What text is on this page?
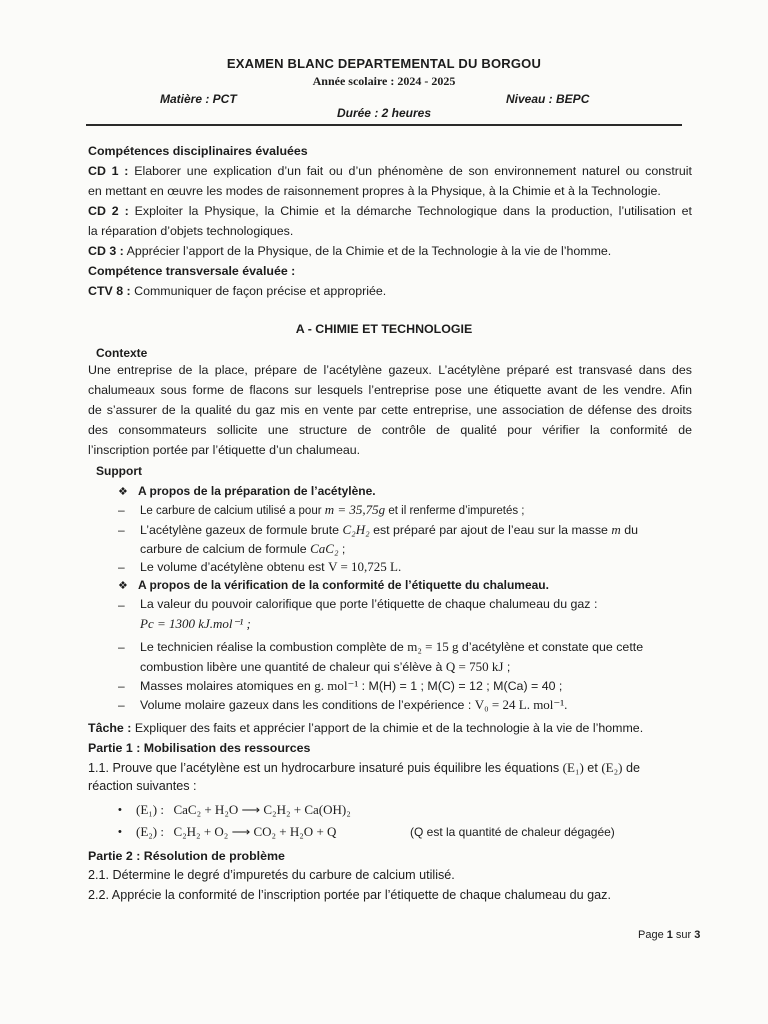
EXAMEN BLANC DEPARTEMENTAL DU BORGOU
Année scolaire : 2024 - 2025
Matière : PCT	Niveau : BEPC
Durée : 2 heures
Compétences disciplinaires évaluées
CD 1 : Elaborer une explication d’un fait ou d’un phénomène de son environnement naturel ou construit
en mettant en œuvre les modes de raisonnement propres à la Physique, à la Chimie et à la Technologie.
CD 2 : Exploiter la Physique, la Chimie et la démarche Technologique dans la production, l’utilisation et
la réparation d’objets technologiques.
CD 3 : Apprécier l’apport de la Physique, de la Chimie et de la Technologie à la vie de l’homme.
Compétence transversale évaluée :
CTV 8 : Communiquer de façon précise et appropriée.
A - CHIMIE ET TECHNOLOGIE
Contexte
Une entreprise de la place, prépare de l’acétylène gazeux. L’acétylène préparé est transvasé dans des
chalumeaux sous forme de flacons sur lesquels l’entreprise pose une étiquette avant de les vendre. Afin
de s’assurer de la qualité du gaz mis en vente par cette entreprise, une association de défense des droits
des consommateurs sollicite une structure de contrôle de qualité pour vérifier la conformité de
l’inscription portée par l’étiquette d’un chalumeau.
Support
❖ A propos de la préparation de l’acétylène.
– Le carbure de calcium utilisé a pour m = 35,75g et il renferme d’impuretés ;
– L’acétylène gazeux de formule brute C₂H₂ est préparé par ajout de l’eau sur la masse m du
carbure de calcium de formule CaC₂ ;
– Le volume d’acétylène obtenu est V = 10,725 L.
❖ A propos de la vérification de la conformité de l’étiquette du chalumeau.
– La valeur du pouvoir calorifique que porte l’étiquette de chaque chalumeau du gaz :
Pc = 1300 kJ.mol⁻¹ ;
– Le technicien réalise la combustion complète de m₂ = 15 g d’acétylène et constate que cette
combustion libère une quantité de chaleur qui s’élève à Q = 750 kJ ;
– Masses molaires atomiques en g. mol⁻¹ : M(H) = 1 ; M(C) = 12 ; M(Ca) = 40 ;
– Volume molaire gazeux dans les conditions de l’expérience : V₀ = 24 L. mol⁻¹.
Tâche : Expliquer des faits et apprécier l’apport de la chimie et de la technologie à la vie de l’homme.
Partie 1 : Mobilisation des ressources
1.1. Prouve que l’acétylène est un hydrocarbure insaturé puis équilibre les équations (E₁) et (E₂) de
réaction suivantes :
• (E₁) : CaC₂ + H₂O ⟶ C₂H₂ + Ca(OH)₂
• (E₂) : C₂H₂ + O₂ ⟶ CO₂ + H₂O + Q	(Q est la quantité de chaleur dégagée)
Partie 2 : Résolution de problème
2.1. Détermine le degré d’impuretés du carbure de calcium utilisé.
2.2. Apprécie la conformité de l’inscription portée par l’étiquette de chaque chalumeau du gaz.
Page 1 sur 3
